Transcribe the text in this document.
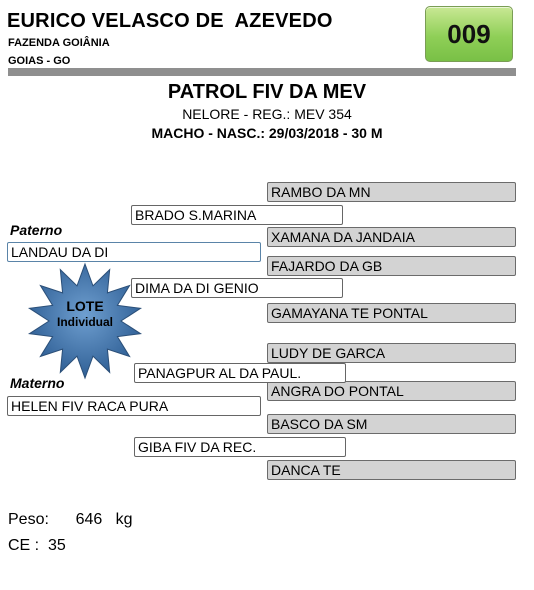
EURICO VELASCO DE  AZEVEDO
FAZENDA GOIÂNIA
GOIAS - GO
009
PATROL FIV DA MEV
NELORE - REG.: MEV 354
MACHO - NASC.: 29/03/2018 - 30 M
RAMBO DA MN
XAMANA DA JANDAIA
FAJARDO DA GB
GAMAYANA TE PONTAL
LUDY DE GARCA
ANGRA DO PONTAL
BASCO DA SM
DANCA TE
BRADO S.MARINA
DIMA DA DI GENIO
PANAGPUR AL DA PAUL.
GIBA FIV DA REC.
Paterno
LANDAU DA DI
Materno
HELEN FIV RACA PURA
LOTE
Individual
Peso: 646 kg
CE : 35
